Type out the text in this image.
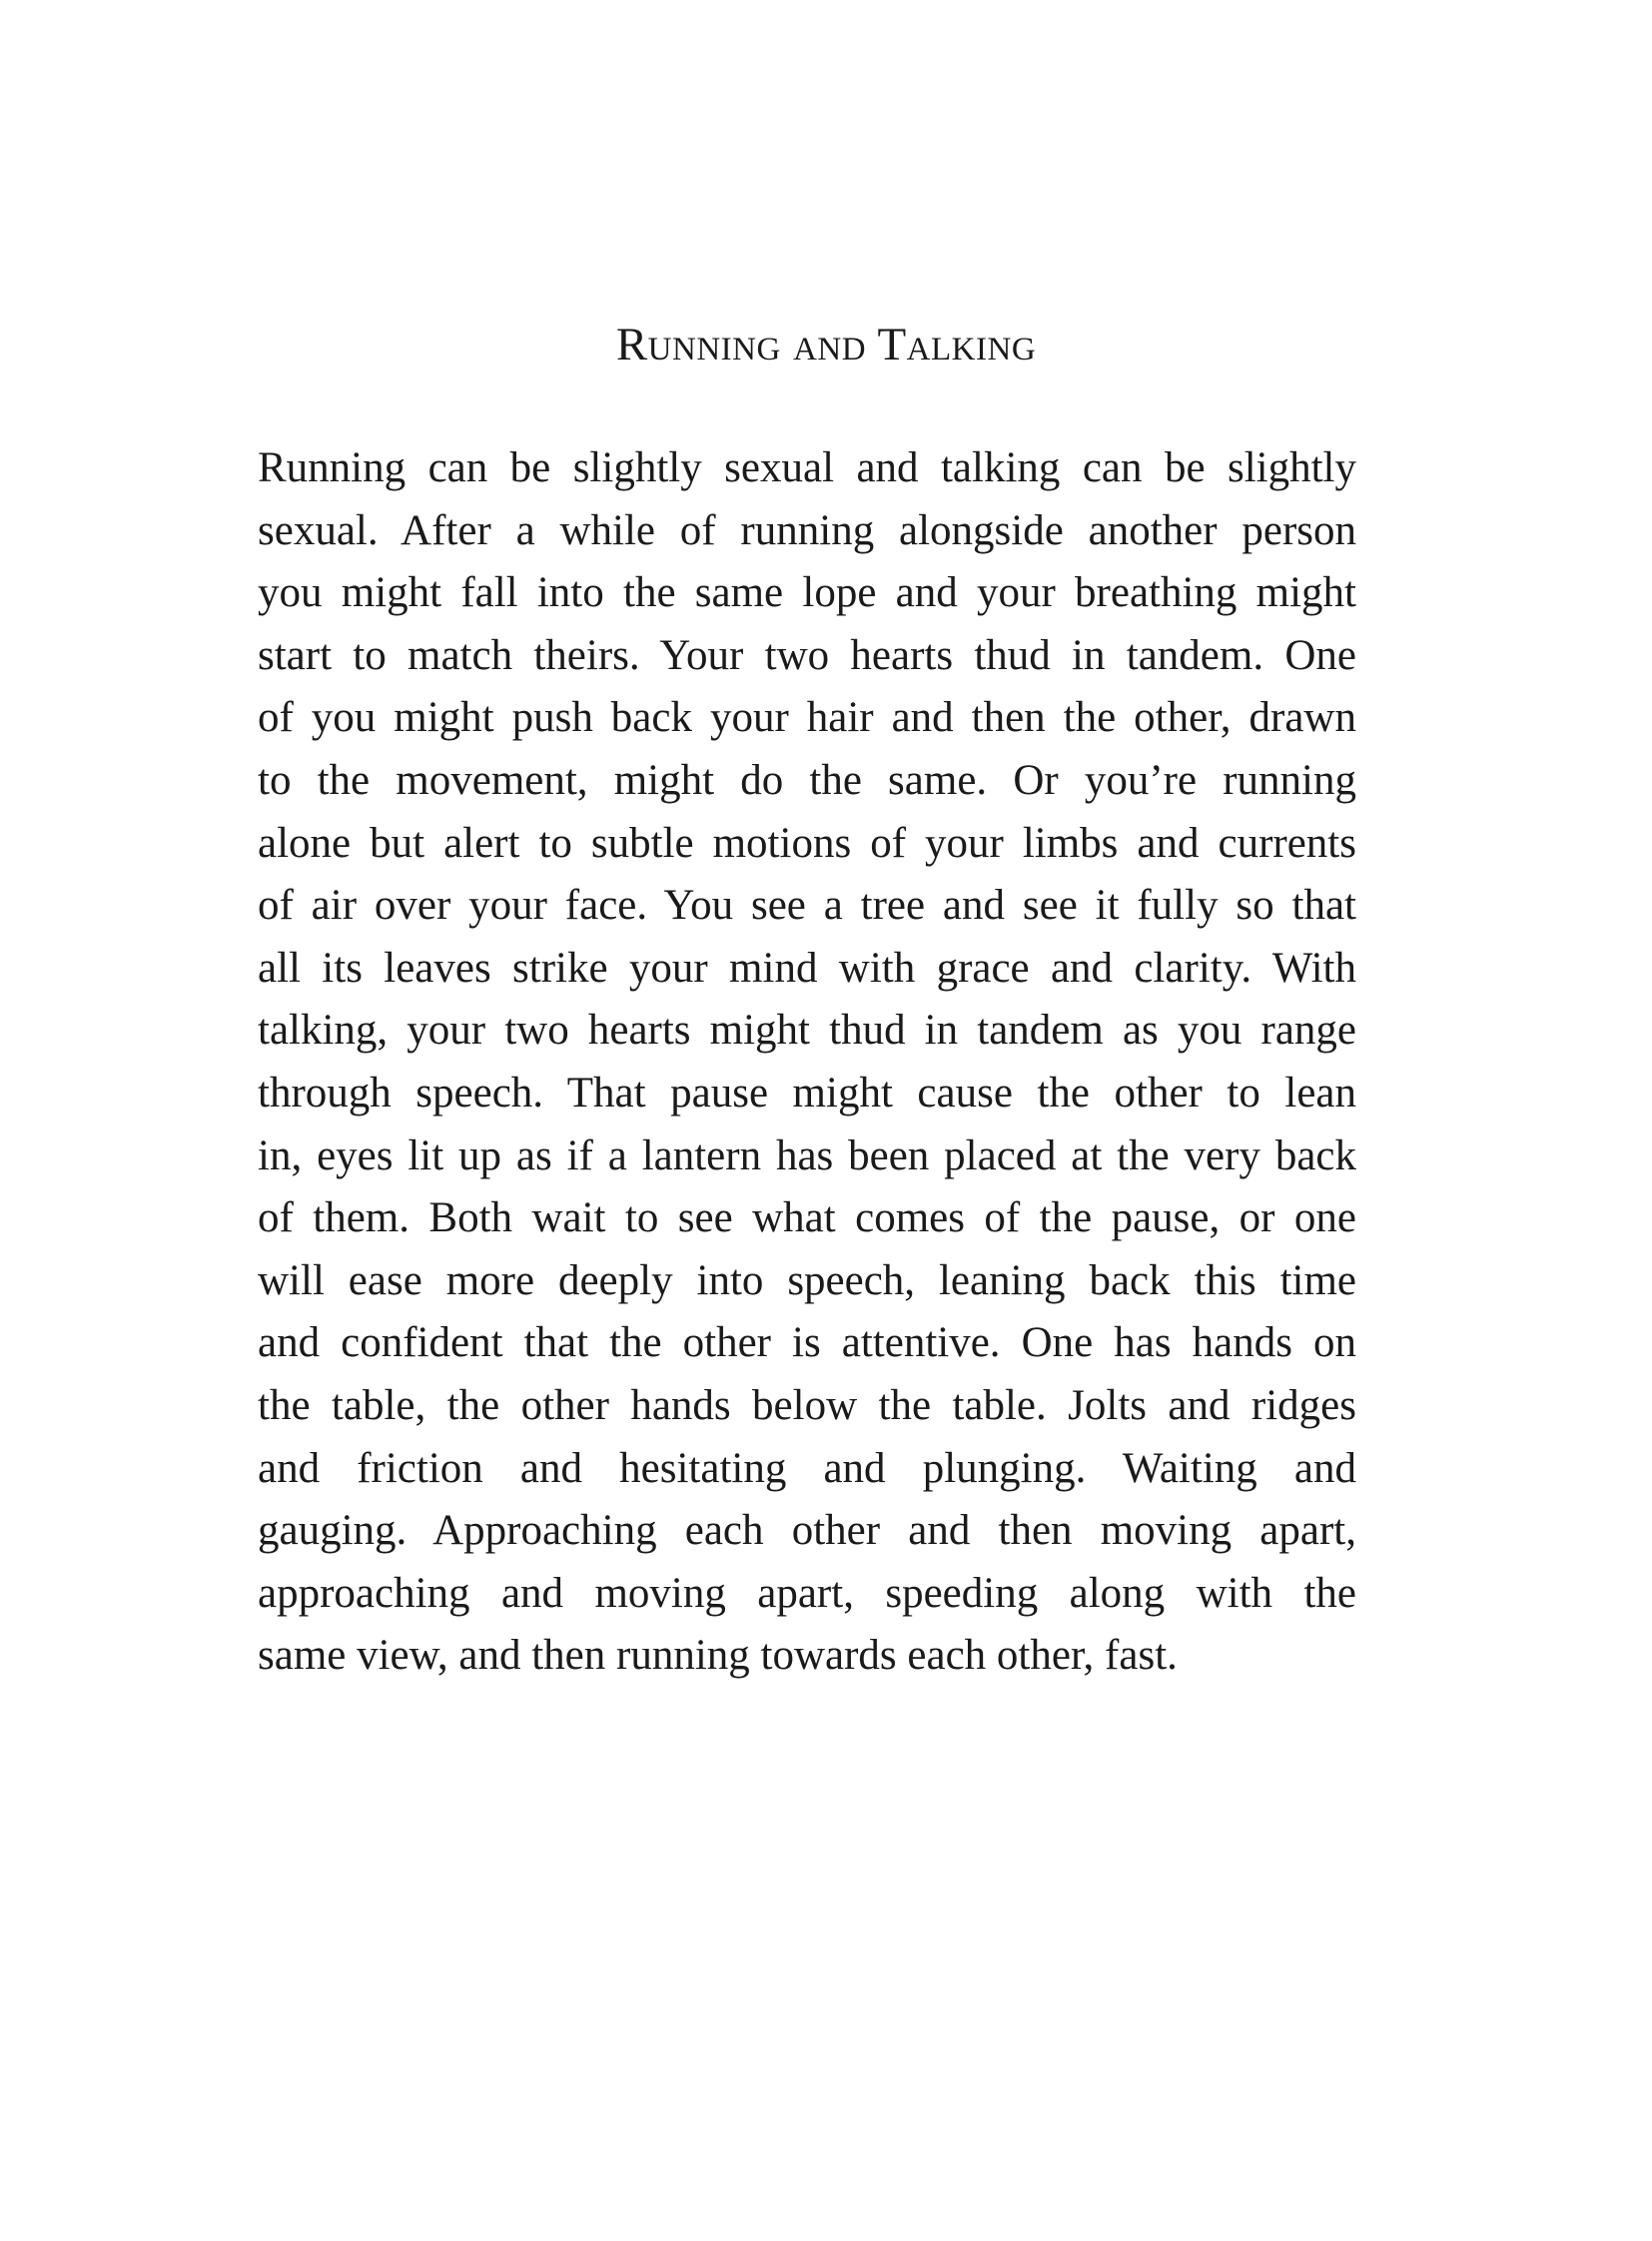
Running and Talking
Running can be slightly sexual and talking can be slightly
sexual. After a while of running alongside another person
you might fall into the same lope and your breathing might
start to match theirs. Your two hearts thud in tandem. One
of you might push back your hair and then the other, drawn
to the movement, might do the same. Or you’re running
alone but alert to subtle motions of your limbs and currents
of air over your face. You see a tree and see it fully so that
all its leaves strike your mind with grace and clarity. With
talking, your two hearts might thud in tandem as you range
through speech. That pause might cause the other to lean
in, eyes lit up as if a lantern has been placed at the very back
of them. Both wait to see what comes of the pause, or one
will ease more deeply into speech, leaning back this time
and confident that the other is attentive. One has hands on
the table, the other hands below the table. Jolts and ridges
and friction and hesitating and plunging. Waiting and
gauging. Approaching each other and then moving apart,
approaching and moving apart, speeding along with the
same view, and then running towards each other, fast.
